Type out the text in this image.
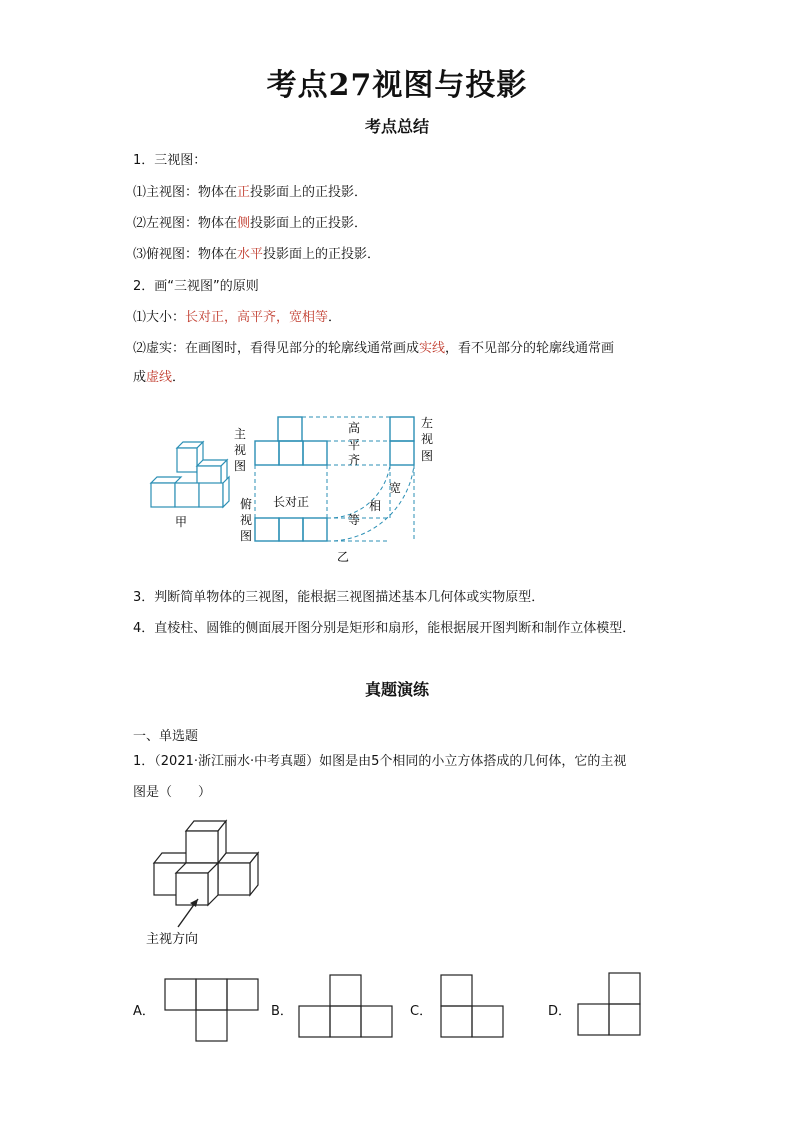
考点27视图与投影
考点总结
1．三视图：
⑴主视图：物体在正投影面上的正投影．
⑵左视图：物体在侧投影面上的正投影．
⑶俯视图：物体在水平投影面上的正投影．
2．画“三视图”的原则
⑴大小：长对正，高平齐，宽相等．
⑵虚实：在画图时，看得见部分的轮廓线通常画成实线，看不见部分的轮廓线通常画
成虚线．
甲
主
视
图
高
平
齐
左
视
图
长对正
宽
相
等
俯
视
图
乙
3．判断简单物体的三视图，能根据三视图描述基本几何体或实物原型．
4．直棱柱、圆锥的侧面展开图分别是矩形和扇形，能根据展开图判断和制作立体模型．
真题演练
一、单选题
1．（2021·浙江丽水·中考真题）如图是由5个相同的小立方体搭成的几何体，它的主视
图是（　　）
主视方向
A．	B．	C．	D．
